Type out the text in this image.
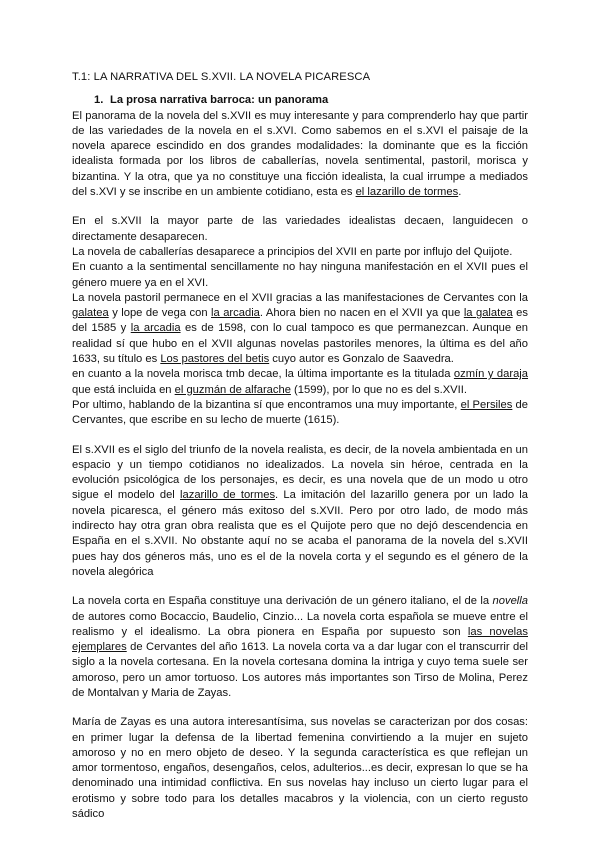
T.1: LA NARRATIVA DEL S.XVII. LA NOVELA PICARESCA
1. La prosa narrativa barroca: un panorama

El panorama de la novela del s.XVII es muy interesante y para comprenderlo hay que partir de las variedades de la novela en el s.XVI. Como sabemos en el s.XVI el paisaje de la novela aparece escindido en dos grandes modalidades: la dominante que es la ficción idealista formada por los libros de caballerías, novela sentimental, pastoril, morisca y bizantina. Y la otra, que ya no constituye una ficción idealista, la cual irrumpe a mediados del s.XVI y se inscribe en un ambiente cotidiano, esta es el lazarillo de tormes.

En el s.XVII la mayor parte de las variedades idealistas decaen, languidecen o directamente desaparecen.

La novela de caballerías desaparece a principios del XVII en parte por influjo del Quijote.

En cuanto a la sentimental sencillamente no hay ninguna manifestación en el XVII pues el género muere ya en el XVI.

La novela pastoril permanece en el XVII gracias a las manifestaciones de Cervantes con la galatea y lope de vega con la arcadia. Ahora bien no nacen en el XVII ya que la galatea es del 1585 y la arcadia es de 1598, con lo cual tampoco es que permanezcan. Aunque en realidad sí que hubo en el XVII algunas novelas pastoriles menores, la última es del año 1633, su título es Los pastores del betis cuyo autor es Gonzalo de Saavedra.

en cuanto a la novela morisca tmb decae, la última importante es la titulada ozmín y daraja que está incluida en el guzmán de alfarache (1599), por lo que no es del s.XVII.

Por ultimo, hablando de la bizantina sí que encontramos una muy importante, el Persiles de Cervantes, que escribe en su lecho de muerte (1615).

El s.XVII es el siglo del triunfo de la novela realista, es decir, de la novela ambientada en un espacio y un tiempo cotidianos no idealizados. La novela sin héroe, centrada en la evolución psicológica de los personajes, es decir, es una novela que de un modo u otro sigue el modelo del lazarillo de tormes. La imitación del lazarillo genera por un lado la novela picaresca, el género más exitoso del s.XVII. Pero por otro lado, de modo más indirecto hay otra gran obra realista que es el Quijote pero que no dejó descendencia en España en el s.XVII. No obstante aquí no se acaba el panorama de la novela del s.XVII pues hay dos géneros más, uno es el de la novela corta y el segundo es el género de la novela alegórica

La novela corta en España constituye una derivación de un género italiano, el de la novella de autores como Bocaccio, Baudelio, Cinzio... La novela corta española se mueve entre el realismo y el idealismo. La obra pionera en España por supuesto son las novelas ejemplares de Cervantes del año 1613. La novela corta va a dar lugar con el transcurrir del siglo a la novela cortesana. En la novela cortesana domina la intriga y cuyo tema suele ser amoroso, pero un amor tortuoso. Los autores más importantes son Tirso de Molina, Perez de Montalvan y Maria de Zayas.

María de Zayas es una autora interesantísima, sus novelas se caracterizan por dos cosas: en primer lugar la defensa de la libertad femenina convirtiendo a la mujer en sujeto amoroso y no en mero objeto de deseo. Y la segunda característica es que reflejan un amor tormentoso, engaños, desengaños, celos, adulterios...es decir, expresan lo que se ha denominado una intimidad conflictiva. En sus novelas hay incluso un cierto lugar para el erotismo y sobre todo para los detalles macabros y la violencia, con un cierto regusto sádico
